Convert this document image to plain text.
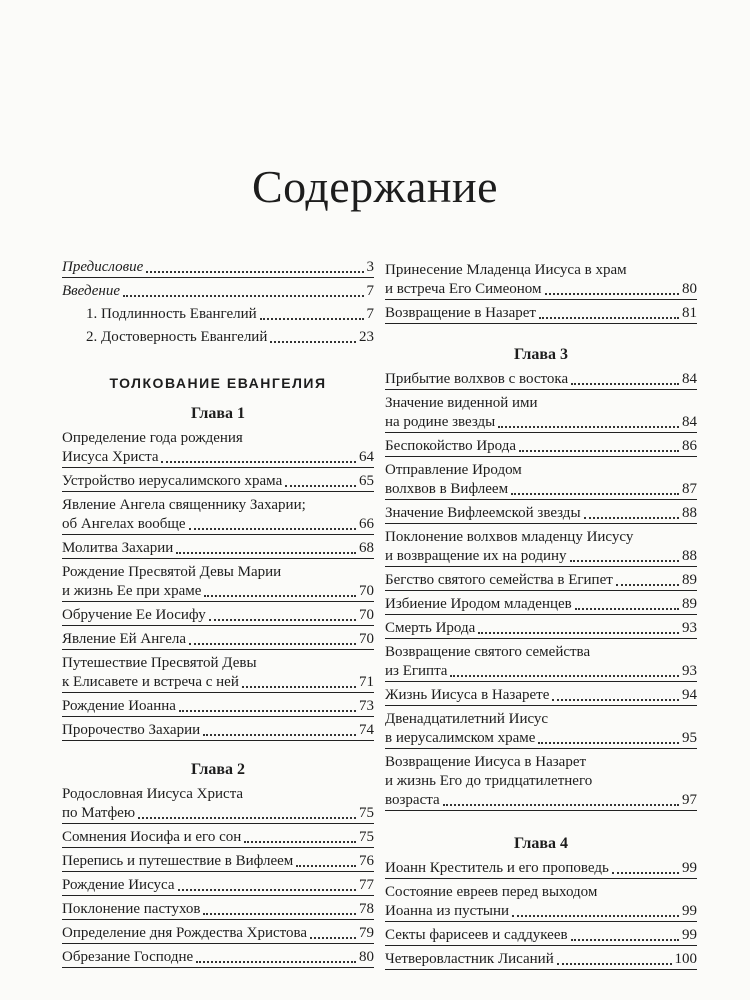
Содержание
Предисловие	3
Введение	7
1. Подлинность Евангелий	7
2. Достоверность Евангелий	23
ТОЛКОВАНИЕ ЕВАНГЕЛИЯ
Глава 1
Определение года рождения
Иисуса Христа	64
Устройство иерусалимского храма	65
Явление Ангела священнику Захарии;
об Ангелах вообще	66
Молитва Захарии	68
Рождение Пресвятой Девы Марии
и жизнь Ее при храме	70
Обручение Ее Иосифу	70
Явление Ей Ангела	70
Путешествие Пресвятой Девы
к Елисавете и встреча с ней	71
Рождение Иоанна	73
Пророчество Захарии	74
Глава 2
Родословная Иисуса Христа
по Матфею	75
Сомнения Иосифа и его сон	75
Перепись и путешествие в Вифлеем	76
Рождение Иисуса	77
Поклонение пастухов	78
Определение дня Рождества Христова	79
Обрезание Господне	80
Принесение Младенца Иисуса в храм
и встреча Его Симеоном	80
Возвращение в Назарет	81
Глава 3
Прибытие волхвов с востока	84
Значение виденной ими
на родине звезды	84
Беспокойство Ирода	86
Отправление Иродом
волхвов в Вифлеем	87
Значение Вифлеемской звезды	88
Поклонение волхвов младенцу Иисусу
и возвращение их на родину	88
Бегство святого семейства в Египет	89
Избиение Иродом младенцев	89
Смерть Ирода	93
Возвращение святого семейства
из Египта	93
Жизнь Иисуса в Назарете	94
Двенадцатилетний Иисус
в иерусалимском храме	95
Возвращение Иисуса в Назарет
и жизнь Его до тридцатилетнего
возраста	97
Глава 4
Иоанн Креститель и его проповедь	99
Состояние евреев перед выходом
Иоанна из пустыни	99
Секты фарисеев и саддукеев	99
Четверовластник Лисаний	100
